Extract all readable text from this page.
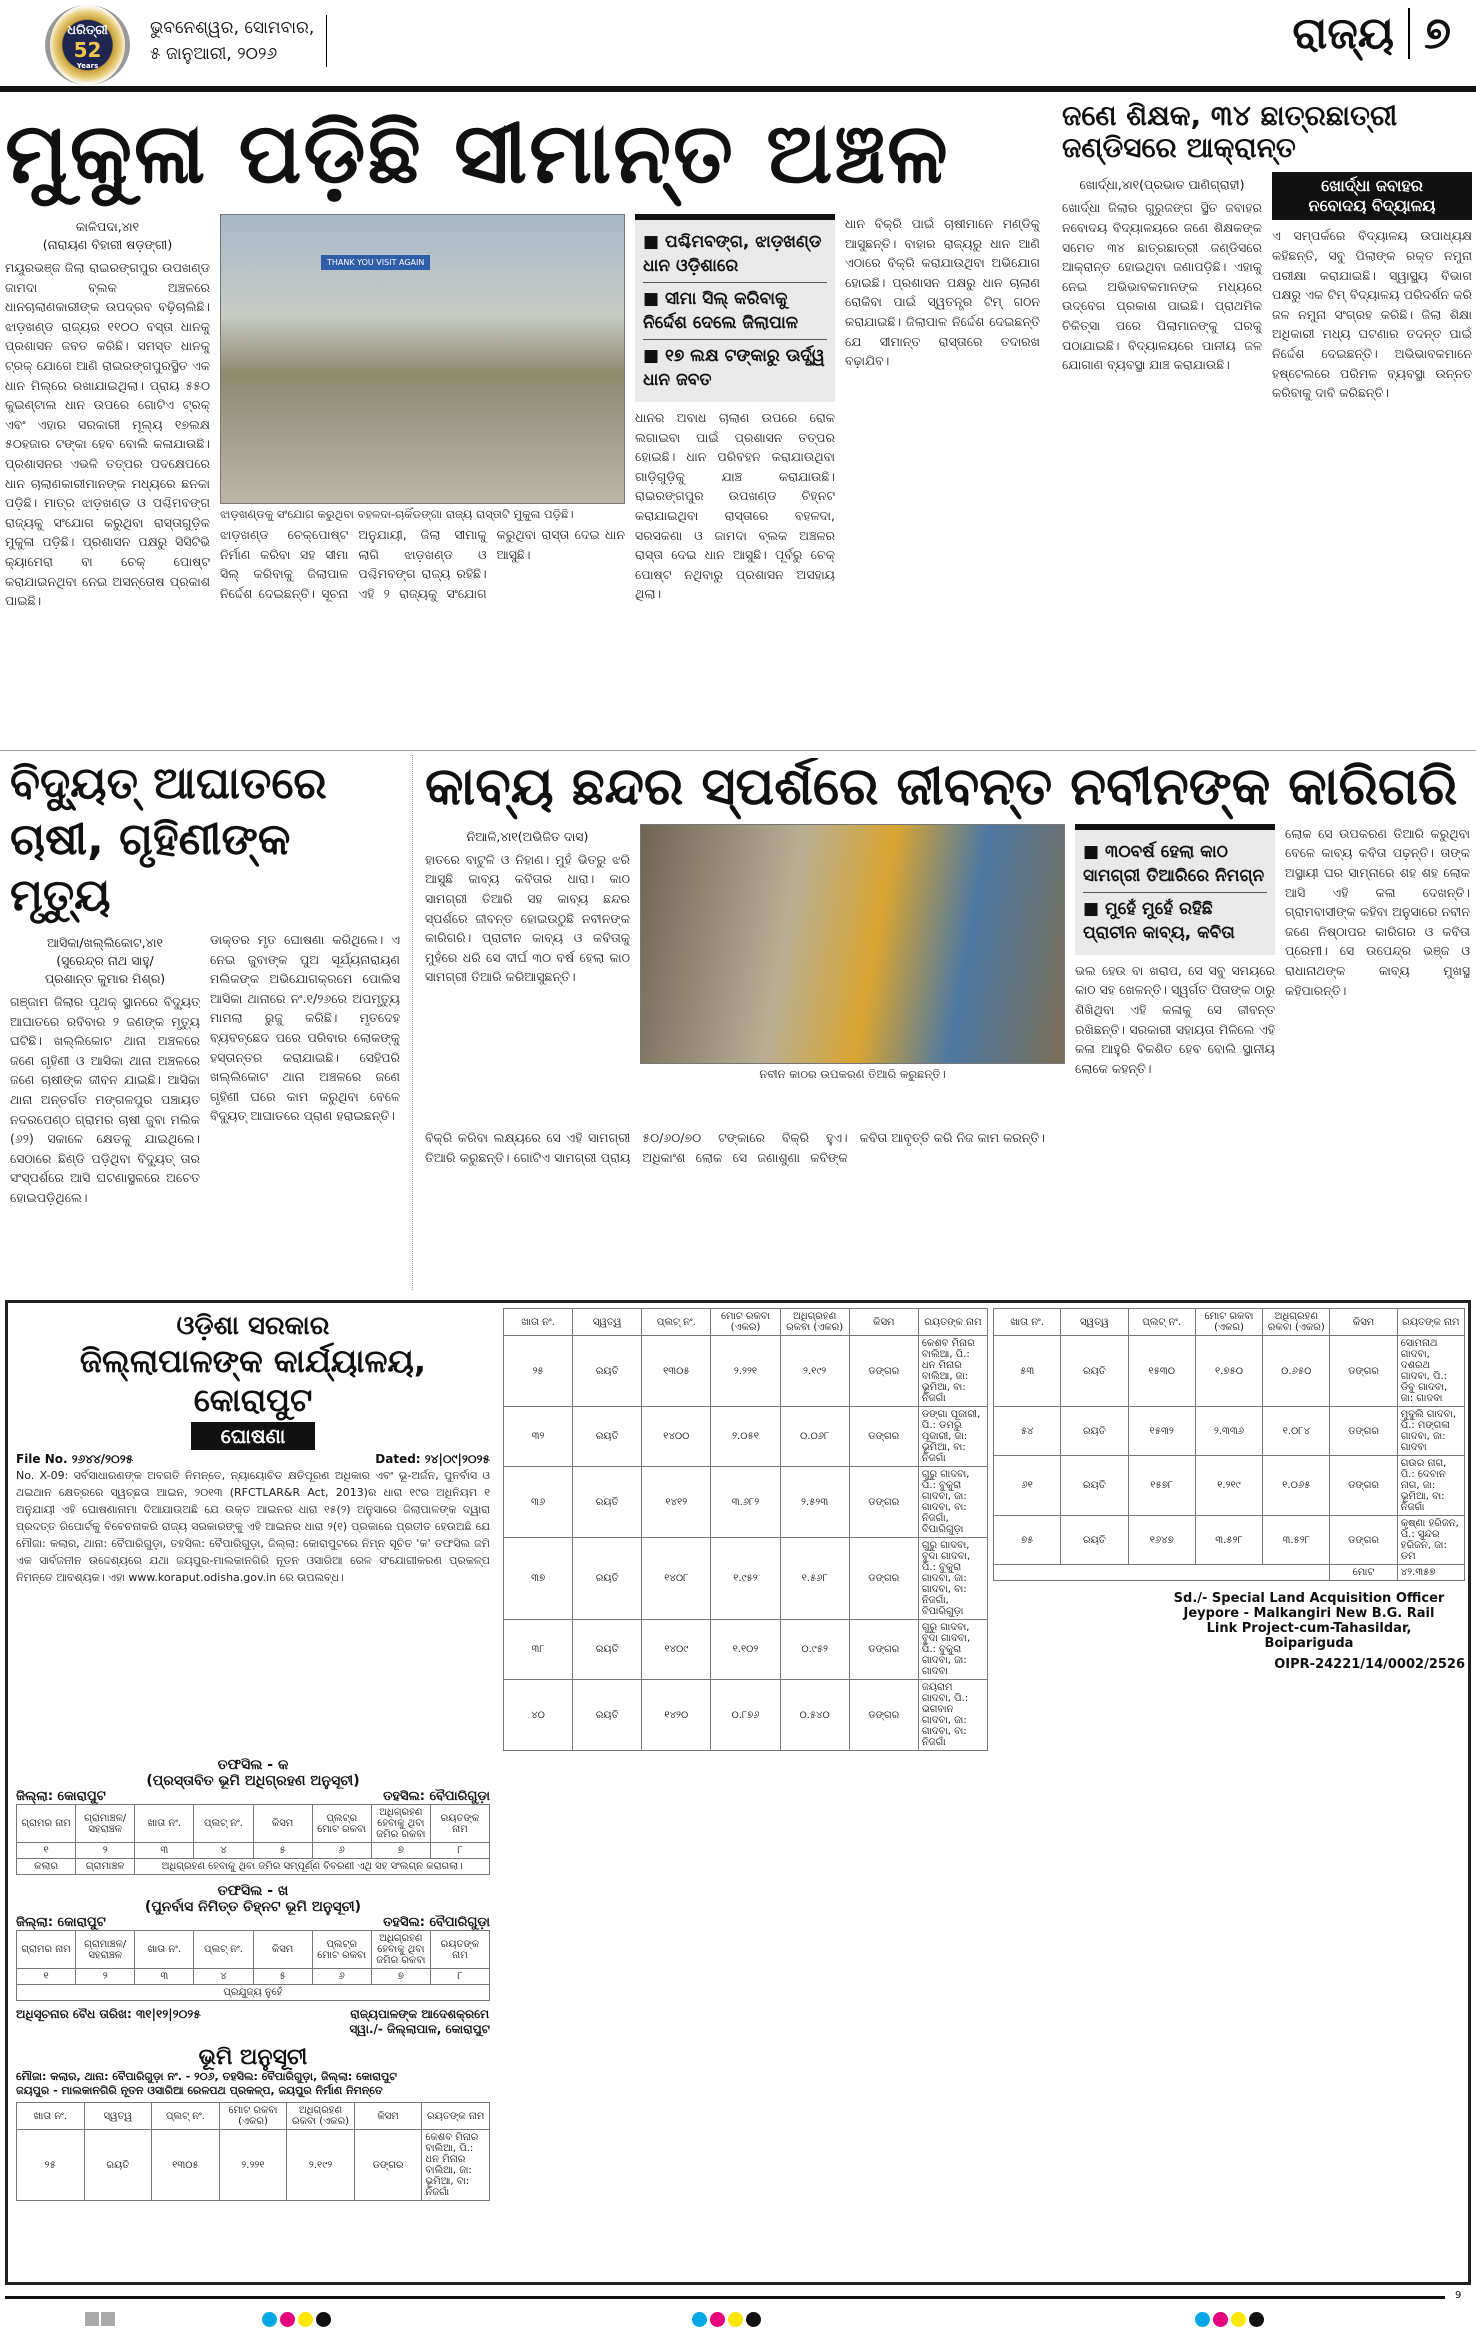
ଧରିତ୍ରୀ
52
Years
ଭୁବନେଶ୍ୱର, ସୋମବାର,
୫ ଜାନୁଆରୀ, ୨୦୨୬	ରାଜ୍ୟ ୭
ମୁକୁଳା ପଡ଼ିଛି ସୀମାନ୍ତ ଅଞ୍ଚଳ
କାଳିପଦା,୪ା୧
(ନାରାୟଣ ବିହାରୀ ଷଡ଼ଙ୍ଗୀ)
ମୟୂରଭଞ୍ଜ ଜିଲା ରାଇରଙ୍ଗପୁର ଉପଖଣ୍ଡ ଜାମଦା ବ୍ଲକ ଅଞ୍ଚଳରେ ଧାନଚାଲାଣକାରୀଙ୍କ ଉପଦ୍ରବ ବଢ଼ିଚାଲିଛି। ଝାଡ଼ଖଣ୍ଡ ରାଜ୍ୟର ୧୧୦୦ ବସ୍ତା ଧାନକୁ ପ୍ରଶାସନ ଜବତ କରିଛି। ସମସ୍ତ ଧାନକୁ ଟ୍ରକ୍ ଯୋଗେ ଆଣି ରାଇରଙ୍ଗପୁରସ୍ଥିତ ଏକ ଧାନ ମିଲ୍‌ରେ ରଖାଯାଇଥିଲା। ପ୍ରାୟ ୫୫୦ କୁଇଣ୍ଟାଲ ଧାନ ଉପରେ ଗୋଟିଏ ଟ୍ରକ୍ ଏବଂ ଏହାର ସରକାରୀ ମୂଲ୍ୟ ୧୭ଲକ୍ଷ ୫୦ହଜାର ଟଙ୍କା ହେବ ବୋଲି କଳାଯାଉଛି। ପ୍ରଶାସନର ଏଭଳି ତତ୍ପର ପଦକ୍ଷେପରେ ଧାନ ଚାଲାଣକାରୀମାନଙ୍କ ମଧ୍ୟରେ ଛନକା ପଡ଼ିଛି। ମାତ୍ର ଝାଡ଼ଖଣ୍ଡ ଓ ପଶ୍ଚିମବଙ୍ଗ ରାଜ୍ୟକୁ ସଂଯୋଗ କରୁଥିବା ରାସ୍ତାଗୁଡ଼ିକ ମୁକୁଳା ପଡ଼ିଛି। ପ୍ରଶାସନ ପକ୍ଷରୁ ସିସିଟିଭି କ୍ୟାମେରା ବା ଚେକ୍ ପୋଷ୍ଟ କରାଯାଇନଥିବା ନେଇ ଅସନ୍ତୋଷ ପ୍ରକାଶ ପାଇଛି।
THANK YOU VISIT AGAIN
ଝାଡ଼ଖଣ୍ଡକୁ ସଂଯୋଗ କରୁଥିବା ବହଳଦା-ଚାକିଁଡଙ୍ଗା ରାଜ୍ୟ ରାସ୍ତାଟି ମୁକୁଳା ପଡ଼ିଛି।
ଝାଡ଼ଖଣ୍ଡ ଚେକ୍‌ପୋଷ୍ଟ ନିର୍ମାଣ କରିବା ସହ ସୀମା ସିଲ୍ କରିବାକୁ ଜିଲାପାଳ ନିର୍ଦ୍ଦେଶ ଦେଇଛନ୍ତି। ସୂଚନା ଅନୁଯାୟୀ, ଜିଲା ସୀମାକୁ ଲାଗି ଝାଡ଼ଖଣ୍ଡ ଓ ପଶ୍ଚିମବଙ୍ଗ ରାଜ୍ୟ ରହିଛି। ଏହି ୨ ରାଜ୍ୟକୁ ସଂଯୋଗ କରୁଥିବା ରାସ୍ତା ଦେଇ ଧାନ ଆସୁଛି।
■ ପଶ୍ଚିମବଙ୍ଗ, ଝାଡ଼ଖଣ୍ଡ ଧାନ ଓଡ଼ିଶାରେ
■ ସୀମା ସିଲ୍ କରିବାକୁ ନିର୍ଦ୍ଦେଶ ଦେଲେ ଜିଲାପାଳ
■ ୧୭ ଲକ୍ଷ ଟଙ୍କାରୁ ଊର୍ଦ୍ଧ୍ୱ ଧାନ ଜବତ
ଧାନର ଅବାଧ ଚାଲାଣ ଉପରେ ରୋକ ଲଗାଇବା ପାଇଁ ପ୍ରଶାସନ ତତ୍ପର ହୋଇଛି। ଧାନ ପରିବହନ କରାଯାଉଥିବା ଗାଡ଼ିଗୁଡ଼ିକୁ ଯାଞ୍ଚ କରାଯାଉଛି। ରାଇରଙ୍ଗପୁର ଉପଖଣ୍ଡ ଚିହ୍ନଟ କରାଯାଇଥିବା ରାସ୍ତାରେ ବହଳଦା, ସରସକଣା ଓ ଜାମଦା ବ୍ଲକ ଅଞ୍ଚଳର ରାସ୍ତା ଦେଇ ଧାନ ଆସୁଛି। ପୂର୍ବରୁ ଚେକ୍ ପୋଷ୍ଟ ନଥିବାରୁ ପ୍ରଶାସନ ଅସହାୟ ଥିଲା।
ଧାନ ବିକ୍ରି ପାଇଁ ଚାଷୀମାନେ ମଣ୍ଡିକୁ ଆସୁଛନ୍ତି। ବାହାର ରାଜ୍ୟରୁ ଧାନ ଆଣି ଏଠାରେ ବିକ୍ରି କରାଯାଉଥିବା ଅଭିଯୋଗ ହୋଇଛି। ପ୍ରଶାସନ ପକ୍ଷରୁ ଧାନ ଚାଲାଣ ରୋକିବା ପାଇଁ ସ୍ୱତନ୍ତ୍ର ଟିମ୍ ଗଠନ କରାଯାଇଛି। ଜିଲାପାଳ ନିର୍ଦ୍ଦେଶ ଦେଇଛନ୍ତି ଯେ ସୀମାନ୍ତ ରାସ୍ତାରେ ତଦାରଖ ବଢ଼ାଯିବ।
ଜଣେ ଶିକ୍ଷକ, ୩୪ ଛାତ୍ରଛାତ୍ରୀ ଜଣ୍ଡିସରେ ଆକ୍ରାନ୍ତ
ଖୋର୍ଦ୍ଧା,୪ା୧(ପ୍ରଭାତ ପାଣିଗ୍ରାହୀ)
ଖୋର୍ଦ୍ଧା ଜିଲାର ଗୁରୁଜଙ୍ଗ ସ୍ଥିତ ଜବାହର ନବୋଦୟ ବିଦ୍ୟାଳୟରେ ଜଣେ ଶିକ୍ଷକଙ୍କ ସମେତ ୩୪ ଛାତ୍ରଛାତ୍ରୀ ଜଣ୍ଡିସରେ ଆକ୍ରାନ୍ତ ହୋଇଥିବା ଜଣାପଡ଼ିଛି। ଏହାକୁ ନେଇ ଅଭିଭାବକମାନଙ୍କ ମଧ୍ୟରେ ଉଦ୍‌ବେଗ ପ୍ରକାଶ ପାଇଛି। ପ୍ରାଥମିକ ଚିକିତ୍ସା ପରେ ପିଲାମାନଙ୍କୁ ଘରକୁ ପଠାଯାଇଛି। ବିଦ୍ୟାଳୟରେ ପାନୀୟ ଜଳ ଯୋଗାଣ ବ୍ୟବସ୍ଥା ଯାଞ୍ଚ କରାଯାଉଛି।
ଖୋର୍ଦ୍ଧା ଜବାହର
ନବୋଦୟ ବିଦ୍ୟାଳୟ
ଏ ସମ୍ପର୍କରେ ବିଦ୍ୟାଳୟ ଉପାଧ୍ୟକ୍ଷ କହିଛନ୍ତି, ସବୁ ପିଲାଙ୍କ ରକ୍ତ ନମୁନା ପରୀକ୍ଷା କରାଯାଇଛି। ସ୍ୱାସ୍ଥ୍ୟ ବିଭାଗ ପକ୍ଷରୁ ଏକ ଟିମ୍ ବିଦ୍ୟାଳୟ ପରିଦର୍ଶନ କରି ଜଳ ନମୁନା ସଂଗ୍ରହ କରିଛି। ଜିଲା ଶିକ୍ଷା ଅଧିକାରୀ ମଧ୍ୟ ଘଟଣାର ତଦନ୍ତ ପାଇଁ ନିର୍ଦ୍ଦେଶ ଦେଇଛନ୍ତି। ଅଭିଭାବକମାନେ ହଷ୍ଟେଲରେ ପରିମଳ ବ୍ୟବସ୍ଥା ଉନ୍ନତ କରିବାକୁ ଦାବି କରିଛନ୍ତି।
ବିଦ୍ୟୁତ୍ ଆଘାତରେ
ଚାଷୀ, ଗୃହିଣୀଙ୍କ ମୃତ୍ୟୁ
ଆସିକା/ଖଲ୍ଲିକୋଟ,୪ା୧
(ସୁରେନ୍ଦ୍ର ନାଥ ସାହୁ/
ପ୍ରଶାନ୍ତ କୁମାର ମିଶ୍ର)
ଗଞ୍ଜାମ ଜିଲାର ପୃଥକ୍ ସ୍ଥାନରେ ବିଦ୍ୟୁତ୍ ଆଘାତରେ ରବିବାର ୨ ଜଣଙ୍କ ମୃତ୍ୟୁ ଘଟିଛି। ଖଲ୍ଲିକୋଟ ଥାନା ଅଞ୍ଚଳରେ ଜଣେ ଗୃହିଣୀ ଓ ଆସିକା ଥାନା ଅଞ୍ଚଳରେ ଜଣେ ଚାଷୀଙ୍କ ଜୀବନ ଯାଇଛି। ଆସିକା ଥାନା ଅନ୍ତର୍ଗତ ମଙ୍ଗଳପୁର ପଞ୍ଚାୟତ ନଦରପେଣ୍ଠ ଗ୍ରାମର ଚାଷୀ ଜୁବା ମଲିକ (୬୨) ସକାଳେ କ୍ଷେତକୁ ଯାଇଥିଲେ। ସେଠାରେ ଛିଣ୍ଡି ପଡ଼ିଥିବା ବିଦ୍ୟୁତ୍ ତାର ସଂସ୍ପର୍ଶରେ ଆସି ଘଟଣାସ୍ଥଳରେ ଅଚେତ ହୋଇପଡ଼ିଥିଲେ।
ଡାକ୍ତର ମୃତ ଘୋଷଣା କରିଥିଲେ। ଏ ନେଇ ଜୁବାଙ୍କ ପୁଅ ସୂର୍ଯ୍ୟନାରାୟଣ ମଲିକଙ୍କ ଅଭିଯୋଗକ୍ରମେ ପୋଲିସ ଆସିକା ଥାନାରେ ନଂ.୧/୨୬ରେ ଅପମୃତ୍ୟୁ ମାମଲା ରୁଜୁ କରିଛି। ମୃତଦେହ ବ୍ୟବଚ୍ଛେଦ ପରେ ପରିବାର ଲୋକଙ୍କୁ ହସ୍ତାନ୍ତର କରାଯାଇଛି। ସେହିପରି ଖଲ୍ଲିକୋଟ ଥାନା ଅଞ୍ଚଳରେ ଜଣେ ଗୃହିଣୀ ଘରେ କାମ କରୁଥିବା ବେଳେ ବିଦ୍ୟୁତ୍ ଆଘାତରେ ପ୍ରାଣ ହରାଇଛନ୍ତି।
କାବ୍ୟ ଛନ୍ଦର ସ୍ପର୍ଶରେ ଜୀବନ୍ତ ନବୀନଙ୍କ କାରିଗରି
ନିଆଳି,୪ା୧(ଅଭିଜିତ ଦାସ)
ହାତରେ ବାଟୁଳି ଓ ନିହାଣ। ମୁହଁ ଭିତରୁ ଝରି ଆସୁଛି କାବ୍ୟ କବିତାର ଧାରା। କାଠ ସାମଗ୍ରୀ ତିଆରି ସହ କାବ୍ୟ ଛନ୍ଦର ସ୍ପର୍ଶରେ ଜୀବନ୍ତ ହୋଇଉଠୁଛି ନବୀନଙ୍କ କାରିଗରି। ପ୍ରାଚୀନ କାବ୍ୟ ଓ କବିତାକୁ ମୁହଁରେ ଧରି ସେ ଦୀର୍ଘ ୩୦ ବର୍ଷ ହେଲା କାଠ ସାମଗ୍ରୀ ତିଆରି କରିଆସୁଛନ୍ତି।
ନବୀନ କାଠର ଉପକରଣ ତିଆରି କରୁଛନ୍ତି।
ବିକ୍ରି କରିବା ଲକ୍ଷ୍ୟରେ ସେ ଏହି ସାମଗ୍ରୀ ତିଆରି କରୁଛନ୍ତି। ଗୋଟିଏ ସାମଗ୍ରୀ ପ୍ରାୟ ୫୦/୬୦/୭୦ ଟଙ୍କାରେ ବିକ୍ରି ହୁଏ। ଅଧିକାଂଶ ଲୋକ ସେ ଜଣାଶୁଣା କବିଙ୍କ କବିତା ଆବୃତ୍ତି କରି ନିଜ କାମ କରନ୍ତି।
■ ୩୦ବର୍ଷ ହେଲା କାଠ ସାମଗ୍ରୀ ତିଆରିରେ ନିମଗ୍ନ
■ ମୁହେଁ ମୁହେଁ ରହିଛି ପ୍ରାଚୀନ କାବ୍ୟ, କବିତା
ଭଲ ହେଉ ବା ଖରାପ, ସେ ସବୁ ସମୟରେ କାଠ ସହ ଖେଳନ୍ତି। ସ୍ୱର୍ଗତ ପିତାଙ୍କ ଠାରୁ ଶିଖିଥିବା ଏହି କଳାକୁ ସେ ଜୀବନ୍ତ ରଖିଛନ୍ତି। ସରକାରୀ ସହାୟତା ମିଳିଲେ ଏହି କଳା ଆହୁରି ବିକଶିତ ହେବ ବୋଲି ସ୍ଥାନୀୟ ଲୋକେ କହନ୍ତି।
ଲୋକ ସେ ଉପକରଣ ତିଆରି କରୁଥିବା ବେଳେ କାବ୍ୟ କବିତା ପଢ଼ନ୍ତି। ତାଙ୍କ ଅସ୍ଥାୟୀ ଘର ସାମ୍ନାରେ ଶହ ଶହ ଲୋକ ଆସି ଏହି କଳା ଦେଖନ୍ତି। ଗ୍ରାମବାସୀଙ୍କ କହିବା ଅନୁସାରେ ନବୀନ ଜଣେ ନିଷ୍ଠାପର କାରିଗର ଓ କବିତା ପ୍ରେମୀ। ସେ ଉପେନ୍ଦ୍ର ଭଞ୍ଜ ଓ ରାଧାନାଥଙ୍କ କାବ୍ୟ ମୁଖସ୍ଥ କହିପାରନ୍ତି।
ଓଡ଼ିଶା ସରକାର
ଜିଲ୍ଲାପାଳଙ୍କ କାର୍ଯ୍ୟାଳୟ, କୋରାପୁଟ
ଘୋଷଣା
File No. ୨୬୪୪/୨୦୨୫	Dated: ୨୪|୦୯|୨୦୨୫
No. X-09: ସର୍ବସାଧାରଣଙ୍କ ଅବଗତି ନିମନ୍ତେ, ନ୍ୟାୟୋଚିତ କ୍ଷତିପୂରଣ ଅଧିକାର ଏବଂ ଭୂ-ଅର୍ଜନ, ପୁନର୍ବାସ ଓ ଥଇଥାନ କ୍ଷେତ୍ରରେ ସ୍ୱଚ୍ଛତା ଆଇନ, ୨୦୧୩ (RFCTLAR&R Act, 2013)ର ଧାରା ୧୯ର ଅଧିନିୟମ ୧ ଅନୁଯାୟୀ ଏହି ଘୋଷଣାନାମା ଦିଆଯାଉଅଛି ଯେ ଉକ୍ତ ଆଇନର ଧାରା ୧୫(୨) ଅନୁସାରେ ଜିଲାପାଳଙ୍କ ଦ୍ୱାରା ପ୍ରଦତ୍ତ ରିପୋର୍ଟକୁ ବିବେଚନାକରି ରାଜ୍ୟ ସରକାରଙ୍କୁ ଏହି ଆଇନର ଧାରା ୨(୧) ପ୍ରକାରେ ପ୍ରତୀତ ହେଉଅଛି ଯେ ମୌଜା: କଲାର, ଥାନା: ବୈପାରିଗୁଡ଼ା, ତହସିଲ: ବୈପାରିଗୁଡ଼ା, ଜିଲ୍ଲା: କୋରାପୁଟରେ ନିମ୍ନ ସୂଚିତ 'କ' ତଫସିଲ ଜମି ଏକ ସାର୍ବଜନୀନ ଉଦ୍ଦେଶ୍ୟରେ ଯଥା ଜୟପୁର-ମାଲକାନଗିରି ନୂତନ ଓସାରିଆ ରେଳ ସଂଯୋଗୀକରଣ ପ୍ରକଳ୍ପ ନିମନ୍ତେ ଆବଶ୍ୟକ। ଏହା www.koraput.odisha.gov.in ରେ ଉପଲବ୍ଧ।
ତଫସିଲ - କ
(ପ୍ରସ୍ତାବିତ ଭୂମି ଅଧିଗ୍ରହଣ ଅନୁସୂଚୀ)
ଜିଲ୍ଲା: କୋରାପୁଟ	ତହସିଲ: ବୈପାରିଗୁଡ଼ା
ଗ୍ରାମର ନାମ	ଗ୍ରାମାଞ୍ଚଳ/ ସହରାଞ୍ଚଳ	ଖାତା ନଂ.	ପ୍ଲଟ୍ ନଂ.	କିସମ	ପ୍ଲଟ୍‌ର ମୋଟ ରକବା	ଅଧିଗ୍ରହଣ ହେବାକୁ ଥିବା ଜମିର ରକବା	ରୟତଙ୍କ ନାମ
୧	୨	୩	୪	୫	୬	୭	୮
କଲାର	ଗ୍ରାମାଞ୍ଚଳ	ଅଧିଗ୍ରହଣ ହେବାକୁ ଥିବା ଜମିର ସମ୍ପୂର୍ଣ୍ଣ ବିବରଣୀ ଏଥି ସହ ସଂଲଗ୍ନ କରାଗଲା।					
ତଫସିଲ - ଖ
(ପୁନର୍ବାସ ନିମିତ୍ତ ଚିହ୍ନଟ ଭୂମି ଅନୁସୂଚୀ)
ଜିଲ୍ଲା: କୋରାପୁଟ	ତହସିଲ: ବୈପାରିଗୁଡ଼ା
ଗ୍ରାମର ନାମ	ଗ୍ରାମାଞ୍ଚଳ/ ସହରାଞ୍ଚଳ	ଖାତା ନଂ.	ପ୍ଲଟ୍ ନଂ.	କିସମ	ପ୍ଲଟ୍‌ର ମୋଟ ରକବା	ଅଧିଗ୍ରହଣ ହେବାକୁ ଥିବା ଜମିର ରକବା	ରୟତଙ୍କ ନାମ
୧	୨	୩	୪	୫	୬	୭	୮
ପ୍ରଯୁଜ୍ୟ ନୁହେଁ							
ଅଧିସୂଚନାର ବୈଧ ତାରିଖ: ୩୧|୧୨|୨୦୨୫	ରାଜ୍ୟପାଳଙ୍କ ଆଦେଶକ୍ରମେ
ସ୍ୱା./- ଜିଲ୍ଲାପାଳ, କୋରାପୁଟ
ଭୂମି ଅନୁସୂଚୀ
ମୌଜା: କଲାର, ଥାନା: ବୈପାରିଗୁଡ଼ା ନଂ. - ୨୦୬, ତହସିଲ: ବୈପାରିଗୁଡ଼ା, ଜିଲ୍ଲା: କୋରାପୁଟ
ଜୟପୁର - ମାଲକାନଗିରି ନୂତନ ଓସାରିଆ ରେଳପଥ ପ୍ରକଳ୍ପ, ଜୟପୁର ନିର୍ମାଣ ନିମନ୍ତେ
ଖାତା ନଂ.	ସ୍ୱତ୍ୱ	ପ୍ଲଟ୍ ନଂ.	ମୋଟ ରକବା (ଏକର)	ଅଧିଗ୍ରହଣ ରକବା (ଏକର)	କିସମ	ରୟତଙ୍କ ନାମ
୨୫	ରୟତି	୧୩୦୫	୨.୨୨୧	୨.୧୯୨	ଡଙ୍ଗର	କେଶବ ମିନାର ବାଲିଆ, ପି.: ଧନ ମିନାର ବାଲିଆ, ଜା: ଭୂମିଆ, ବା: ନିଜଗାଁ
ଖାତା ନଂ.	ସ୍ୱତ୍ୱ	ପ୍ଲଟ୍ ନଂ.	ମୋଟ ରକବା (ଏକର)	ଅଧିଗ୍ରହଣ ରକବା (ଏକର)	କିସମ	ରୟତଙ୍କ ନାମ
୨୫	ରୟତି	୧୩୦୫	୨.୨୨୧	୨.୧୯୨	ଡଙ୍ଗର	କେଶବ ମିନାର ବାଲିଆ, ପି.: ଧନ ମିନାର ବାଲିଆ, ଜା: ଭୂମିଆ, ବା: ନିଜଗାଁ
୩୨	ରୟତି	୧୪୦୦	୨.୦୫୧	୦.୦୬୮	ଡଙ୍ଗର	ଡଙ୍ଗା ପୂଜାରୀ, ପି.: ଡମରୁ ପୂଜାରୀ, ଜା: ଭୂମିଆ, ବା: ନିଜଗାଁ
୩୬	ରୟତି	୧୪୧୨	୩.୬୮୨	୨.୫୨୩	ଡଙ୍ଗର	ଗୁରୁ ଗାଦବା, ପି.: ବୁକୁରା ଗାଦବା, ଜା: ଗାଦବା, ବା: ନିଜଗାଁ, ବିପାରିଗୁଡ଼ା
୩୭	ରୟତି	୧୪୦୮	୧.୯୫୨	୧.୫୬୮	ଡଙ୍ଗର	ଗୁରୁ ଗାଦବା, ବୁଦା ଗାଦବା, ପି.: ବୁକୁରା ଗାଦବା, ଜା: ଗାଦବା, ବା: ନିଜଗାଁ, ବିପାରିଗୁଡ଼ା
୩୮	ରୟତି	୧୪୦୯	୧.୧୦୨	୦.୯୫୨	ଡଙ୍ଗର	ଗୁରୁ ଗାଦବା, ବୁଦା ଗାଦବା, ପି.: ବୁକୁରା ଗାଦବା, ଜା: ଗାଦବା
୪୦	ରୟତି	୧୪୨୦	୦.୮୭୬	୦.୫୪୦	ଡଙ୍ଗର	ଜୟରାମ ଗାଦବା, ପି.: ଭଗବାନ ଗାଦବା, ଜା: ଗାଦବା, ବା: ନିଜଗାଁ
ଖାତା ନଂ.	ସ୍ୱତ୍ୱ	ପ୍ଲଟ୍ ନଂ.	ମୋଟ ରକବା (ଏକର)	ଅଧିଗ୍ରହଣ ରକବା (ଏକର)	କିସମ	ରୟତଙ୍କ ନାମ
୫୩	ରୟତି	୧୫୩୦	୧.୭୫୦	୦.୬୫୦	ଡଙ୍ଗର	ସୋମନାଥ ଗାଦବା, ଦଶରଥ ଗାଦବା, ପି.: ଡିବୁ ଗାଦବା, ଜା: ଗାଦବା
୫୪	ରୟତି	୧୫୩୨	୨.୩୩୬	୧.୦୮୪	ଡଙ୍ଗର	ମୁଦୁଲି ଗାଦବା, ପି.: ମଙ୍ଗଳା ଗାଦବା, ଜା: ଗାଦବା
୬୧	ରୟତି	୧୫୭୮	୧.୨୧୯	୧.୦୬୫	ଡଙ୍ଗର	ଗଉର ନାଗ, ପି.: ଦେବାନ ନାଗ, ଜା: ଭୂମିଆ, ବା: ନିଜଗାଁ
୭୫	ରୟତି	୧୬୪୭	୩.୫୨୮	୩.୫୨୮	ଡଙ୍ଗର	କୃଷ୍ଣା ହରିଜନ, ପି.: ସୁନ୍ଦର ହରିଜନ, ଜା: ଡମ
					ମୋଟ	୪୨.୩୫୭
Sd./- Special Land Acquisition Officer
Jeypore - Malkangiri New B.G. Rail
Link Project-cum-Tahasildar,
Boipariguda
OIPR-24221/14/0002/2526
9
